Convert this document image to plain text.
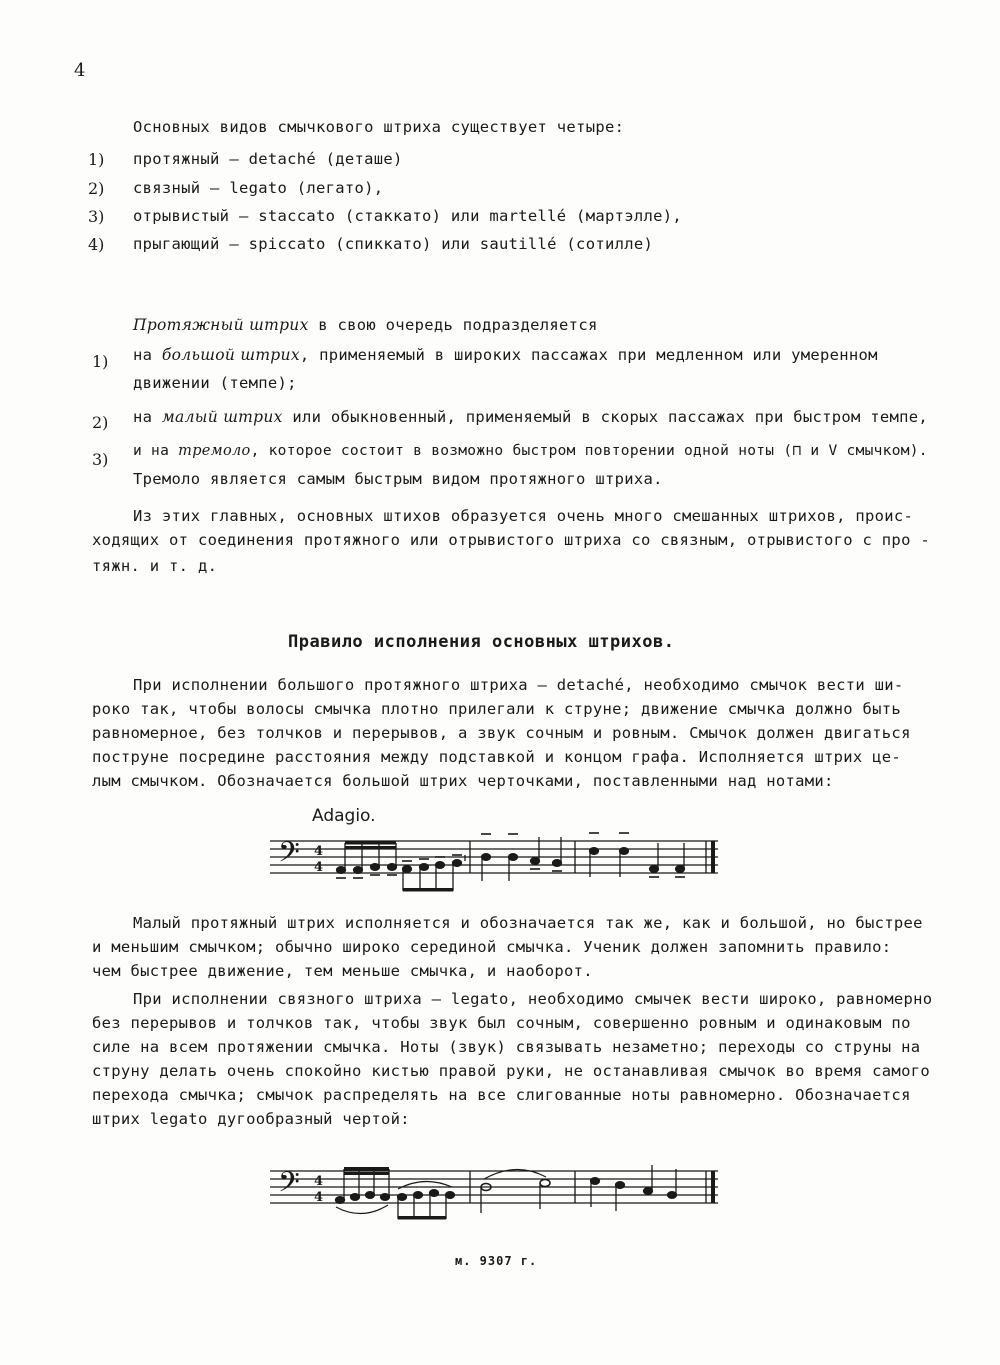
4
Основных видов смычкового штриха существует четыре:
1) протяжный – detaché (деташе)
2) связный – legato (легато),
3) отрывистый – staccato (стаккато) или martellé (мартэлле),
4) прыгающий – spiccato (спиккато) или sautillé (сотилле)
Протяжный штрих в свою очередь подразделяется
1) на большой штрих, применяемый в широких пассажах при медленном или умеренном
движении (темпе);
2) на малый штрих или обыкновенный, применяемый в скорых пассажах при быстром темпе,
3) и на тремоло, которое состоит в возможно быстром повторении одной ноты (⊓ и V смычком).
Тремоло является самым быстрым видом протяжного штриха.
Из этих главных, основных штихов образуется очень много смешанных штрихов, проис-
ходящих от соединения протяжного или отрывистого штриха со связным, отрывистого с про -
тяжн. и т. д.
Правило исполнения основных штрихов.
При исполнении большого протяжного штриха – detaché, необходимо смычок вести ши-
роко так, чтобы волосы смычка плотно прилегали к струне; движение смычка должно быть
равномерное, без толчков и перерывов, а звук сочным и ровным. Смычок должен двигаться
поструне посредине расстояния между подставкой и концом графа. Исполняется штрих це-
лым смычком. Обозначается большой штрих черточками, поставленными над нотами:
Adagio.
𝄢 4
4
Малый протяжный штрих исполняется и обозначается так же, как и большой, но быстрее
и меньшим смычком; обычно широко серединой смычка. Ученик должен запомнить правило:
чем быстрее движение, тем меньше смычка, и наоборот.
При исполнении связного штриха – legato, необходимо смычек вести широко, равномерно
без перерывов и толчков так, чтобы звук был сочным, совершенно ровным и одинаковым по
силе на всем протяжении смычка. Ноты (звук) связывать незаметно; переходы со струны на
струну делать очень спокойно кистью правой руки, не останавливая смычок во время самого
перехода смычка; смычок распределять на все слигованные ноты равномерно. Обозначается
штрих legato дугообразный чертой:
𝄢 4
4
м. 9307 г.
